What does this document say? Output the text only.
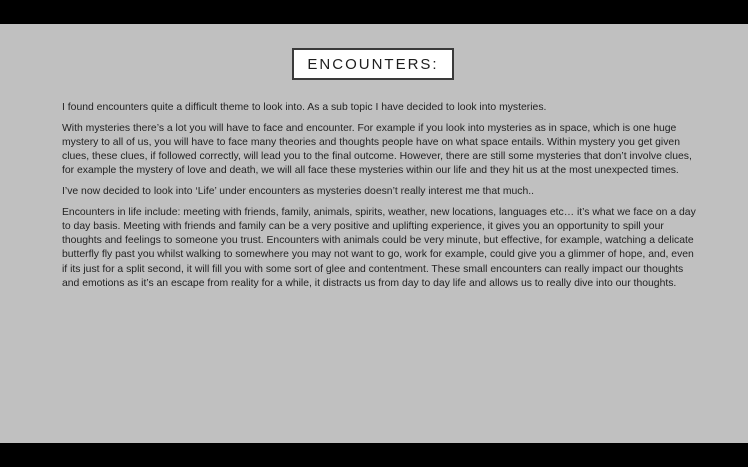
ENCOUNTERS:

I found encounters quite a difficult theme to look into. As a sub topic I have decided to look into mysteries.

With mysteries there’s a lot you will have to face and encounter. For example if you look into mysteries as in space, which is one huge mystery to all of us, you will have to face many theories and thoughts people have on what space entails. Within mystery you get given clues, these clues, if followed correctly, will lead you to the final outcome. However, there are still some mysteries that don’t involve clues, for example the mystery of love and death, we will all face these mysteries within our life and they hit us at the most unexpected times.

I’ve now decided to look into ‘Life’ under encounters as mysteries doesn’t really interest me that much..

Encounters in life include: meeting with friends, family, animals, spirits, weather, new locations, languages etc… it’s what we face on a day to day basis. Meeting with friends and family can be a very positive and uplifting experience, it gives you an opportunity to spill your thoughts and feelings to someone you trust. Encounters with animals could be very minute, but effective, for example, watching a delicate butterfly fly past you whilst walking to somewhere you may not want to go, work for example, could give you a glimmer of hope, and, even if its just for a split second, it will fill you with some sort of glee and contentment. These small encounters can really impact our thoughts and emotions as it’s an escape from reality for a while, it distracts us from day to day life and allows us to really dive into our thoughts.
